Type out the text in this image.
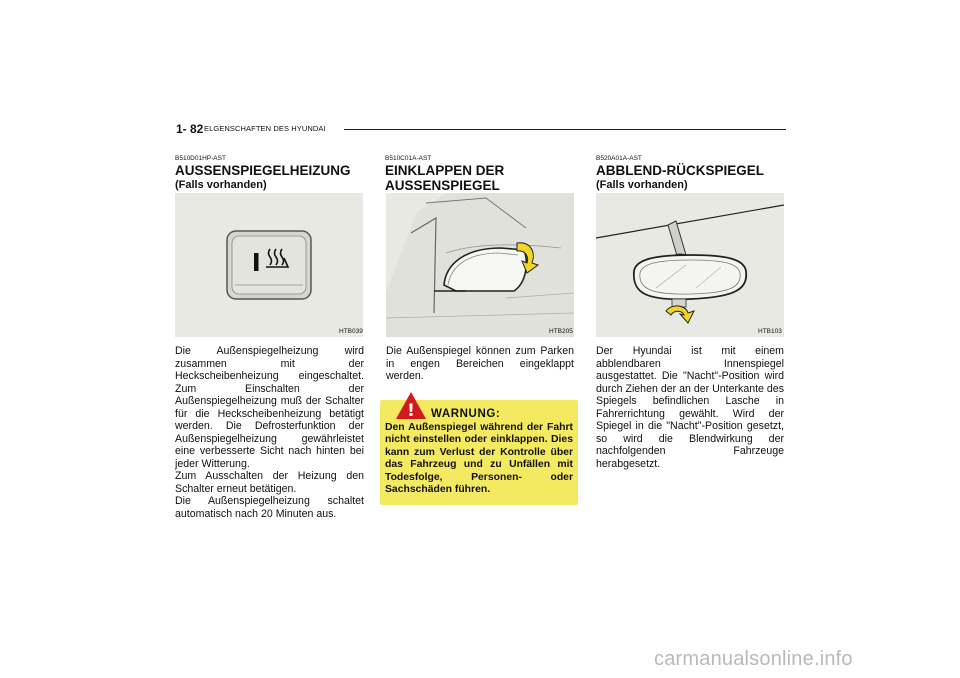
1- 82 ELGENSCHAFTEN DES HYUNDAI
B510D01HP-AST
AUSSENSPIEGELHEIZUNG
(Falls vorhanden)
HTB039
Die Außenspiegelheizung wird zusammen mit der Heckscheibenheizung eingeschaltet. Zum Einschalten der Außenspiegelheizung muß der Schalter für die Heckscheibenheizung betätigt werden. Die Defrosterfunktion der Außenspiegelheizung gewährleistet eine verbesserte Sicht nach hinten bei jeder Witterung.
Zum Ausschalten der Heizung den Schalter erneut betätigen.
Die Außenspiegelheizung schaltet automatisch nach 20 Minuten aus.
B510C01A-AST
EINKLAPPEN DER
AUSSENSPIEGEL
HTB205
Die Außenspiegel können zum Parken in engen Bereichen eingeklappt werden.
! WARNUNG:
Den Außenspiegel während der Fahrt nicht einstellen oder einklappen. Dies kann zum Verlust der Kontrolle über das Fahrzeug und zu Unfällen mit Todesfolge, Personen- oder Sachschäden führen.
B520A01A-AST
ABBLEND-RÜCKSPIEGEL
(Falls vorhanden)
HTB103
Der Hyundai ist mit einem abblendbaren Innenspiegel ausgestattet. Die "Nacht"-Position wird durch Ziehen der an der Unterkante des Spiegels befindlichen Lasche in Fahrerrichtung gewählt. Wird der Spiegel in die "Nacht"-Position gesetzt, so wird die Blendwirkung der nachfolgenden Fahrzeuge herabgesetzt.
carmanualsonline.info
